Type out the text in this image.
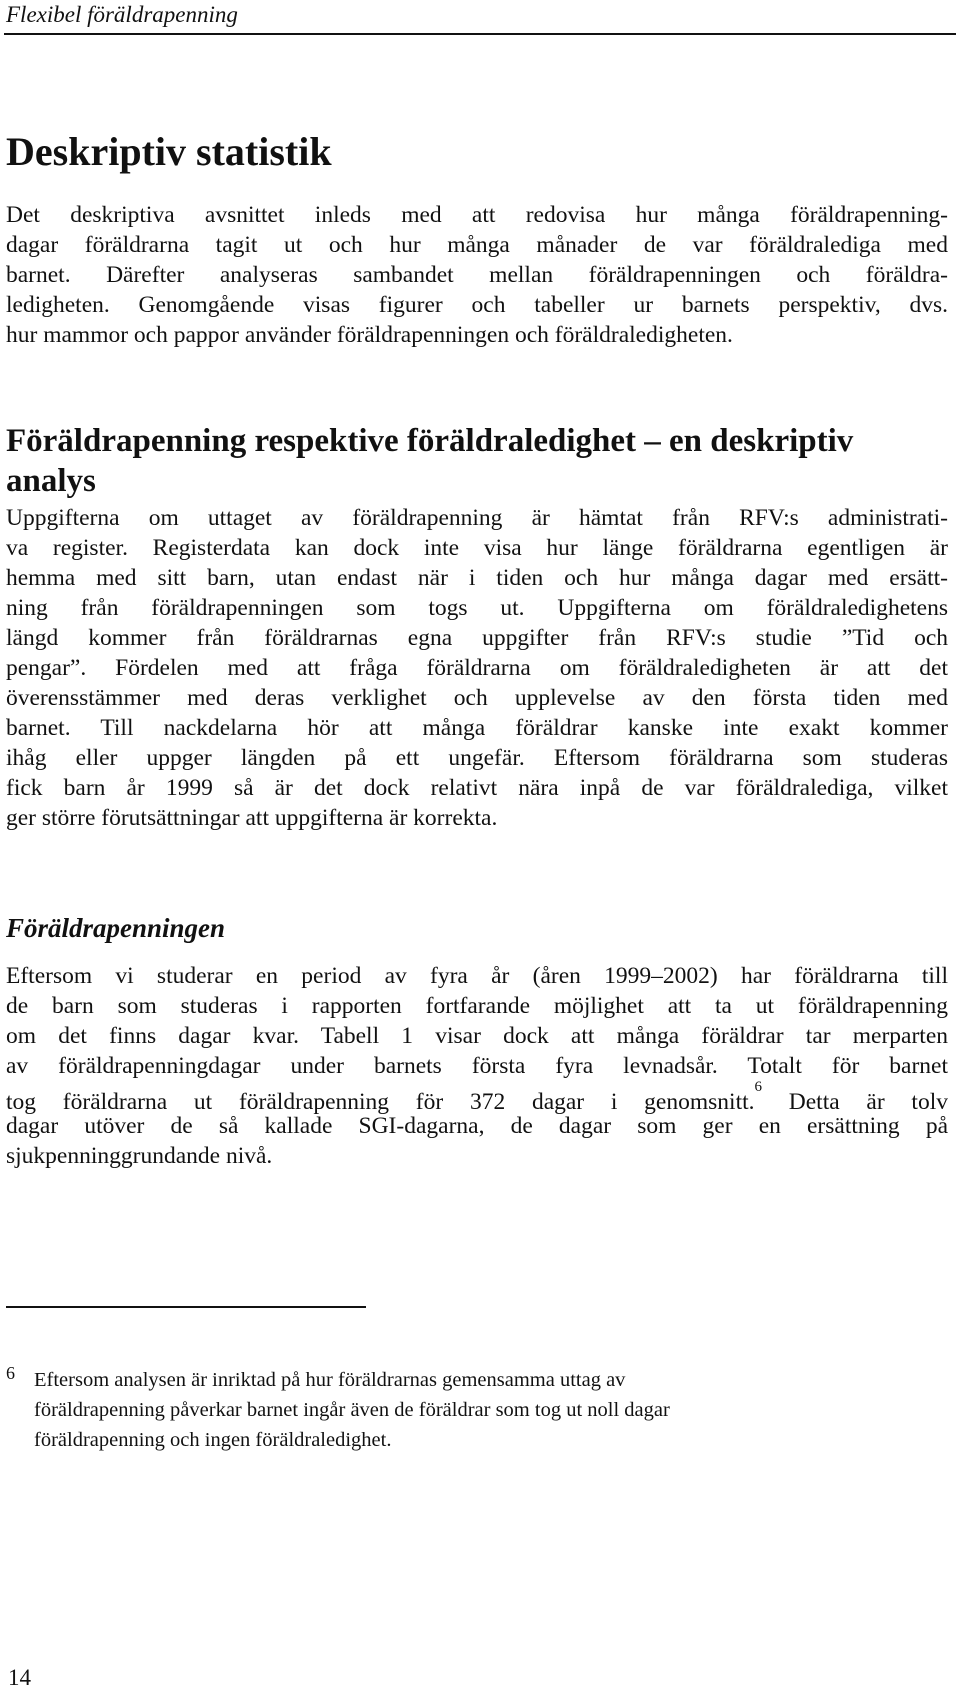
Flexibel föräldrapenning
Deskriptiv statistik
Det deskriptiva avsnittet inleds med att redovisa hur många föräldrapenning-
dagar föräldrarna tagit ut och hur många månader de var föräldralediga med
barnet. Därefter analyseras sambandet mellan föräldrapenningen och föräldra-
ledigheten. Genomgående visas figurer och tabeller ur barnets perspektiv, dvs.
hur mammor och pappor använder föräldrapenningen och föräldraledigheten.
Föräldrapenning respektive föräldraledighet – en deskriptiv analys
Uppgifterna om uttaget av föräldrapenning är hämtat från RFV:s administrati-
va register. Registerdata kan dock inte visa hur länge föräldrarna egentligen är
hemma med sitt barn, utan endast när i tiden och hur många dagar med ersätt-
ning från föräldrapenningen som togs ut. Uppgifterna om föräldraledighetens
längd kommer från föräldrarnas egna uppgifter från RFV:s studie ”Tid och
pengar”. Fördelen med att fråga föräldrarna om föräldraledigheten är att det
överensstämmer med deras verklighet och upplevelse av den första tiden med
barnet. Till nackdelarna hör att många föräldrar kanske inte exakt kommer
ihåg eller uppger längden på ett ungefär. Eftersom föräldrarna som studeras
fick barn år 1999 så är det dock relativt nära inpå de var föräldralediga, vilket
ger större förutsättningar att uppgifterna är korrekta.
Föräldrapenningen
Eftersom vi studerar en period av fyra år (åren 1999–2002) har föräldrarna till
de barn som studeras i rapporten fortfarande möjlighet att ta ut föräldrapenning
om det finns dagar kvar. Tabell 1 visar dock att många föräldrar tar merparten
av föräldrapenningdagar under barnets första fyra levnadsår. Totalt för barnet
tog föräldrarna ut föräldrapenning för 372 dagar i genomsnitt.$^6$ Detta är tolv
dagar utöver de så kallade SGI-dagarna, de dagar som ger en ersättning på
sjukpenninggrundande nivå.
6 Eftersom analysen är inriktad på hur föräldrarnas gemensamma uttag av
föräldrapenning påverkar barnet ingår även de föräldrar som tog ut noll dagar
föräldrapenning och ingen föräldraledighet.
14
